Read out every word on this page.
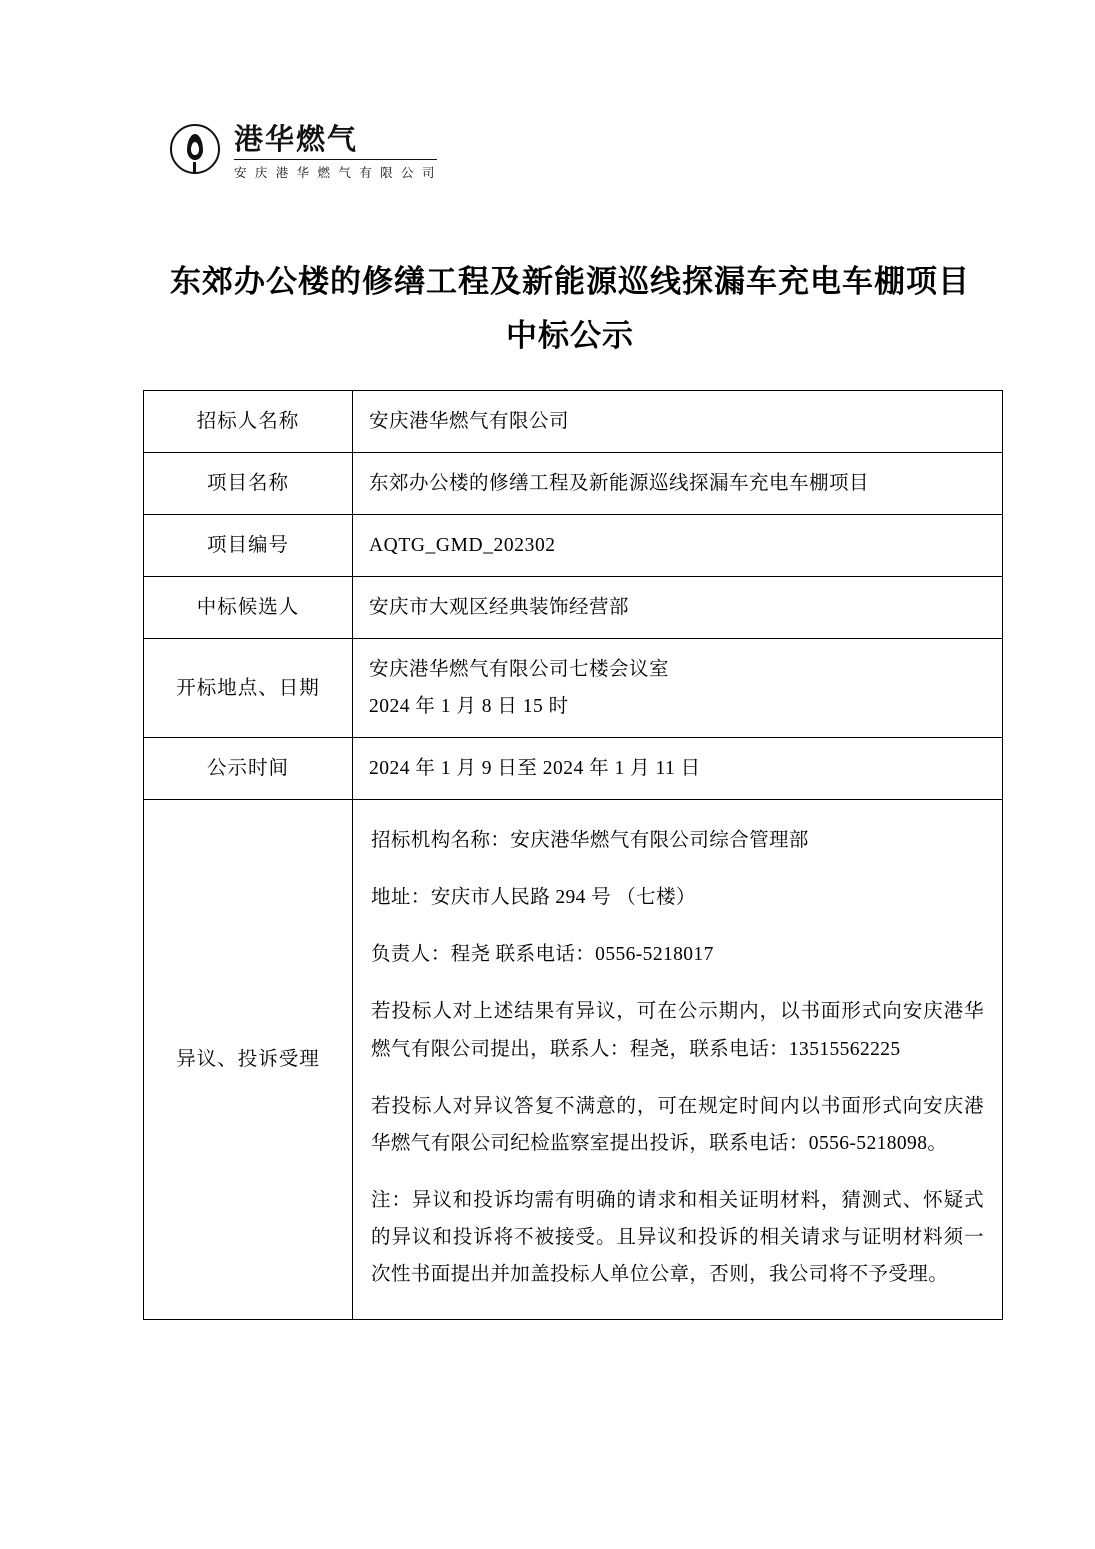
港华燃气
安 庆 港 华 燃 气 有 限 公 司
东郊办公楼的修缮工程及新能源巡线探漏车充电车棚项目
中标公示
招标人名称	安庆港华燃气有限公司
项目名称	东郊办公楼的修缮工程及新能源巡线探漏车充电车棚项目
项目编号	AQTG_GMD_202302
中标候选人	安庆市大观区经典装饰经营部
开标地点、日期	安庆港华燃气有限公司七楼会议室
2024 年 1 月 8 日 15 时

公示时间	2024 年 1 月 9 日至 2024 年 1 月 11 日
异议、投诉受理	

招标机构名称：安庆港华燃气有限公司综合管理部

地址：安庆市人民路 294 号 （七楼）

负责人：程尧 联系电话：0556-5218017

若投标人对上述结果有异议，可在公示期内，以书面形式向安庆港华燃气有限公司提出，联系人：程尧，联系电话：13515562225

若投标人对异议答复不满意的，可在规定时间内以书面形式向安庆港华燃气有限公司纪检监察室提出投诉，联系电话：0556-5218098。

注：异议和投诉均需有明确的请求和相关证明材料，猜测式、怀疑式的异议和投诉将不被接受。且异议和投诉的相关请求与证明材料须一次性书面提出并加盖投标人单位公章，否则，我公司将不予受理。
